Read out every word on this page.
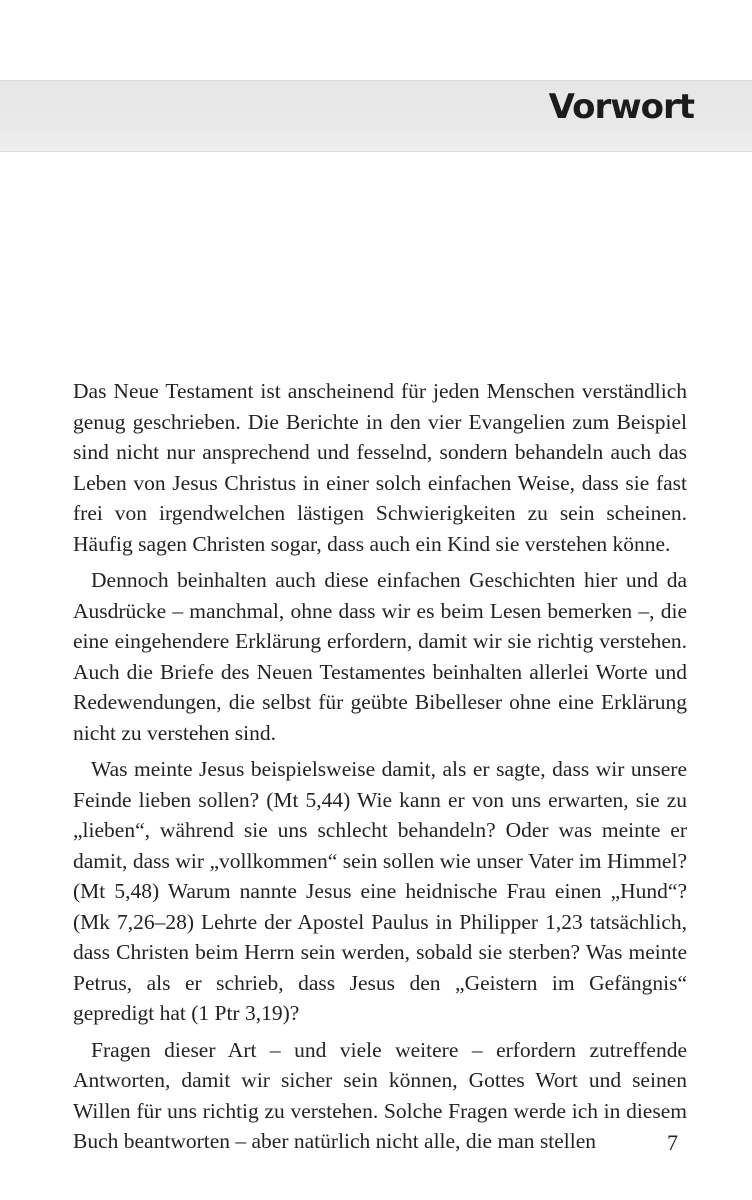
Vorwort

Das Neue Testament ist anscheinend für jeden Menschen verständlich genug geschrieben. Die Berichte in den vier Evangelien zum Beispiel sind nicht nur ansprechend und fesselnd, sondern behandeln auch das Leben von Jesus Christus in einer solch einfachen Weise, dass sie fast frei von irgendwelchen lästigen Schwierigkeiten zu sein scheinen. Häufig sagen Christen sogar, dass auch ein Kind sie verstehen könne.

Dennoch beinhalten auch diese einfachen Geschichten hier und da Ausdrücke – manchmal, ohne dass wir es beim Lesen bemerken –, die eine eingehendere Erklärung erfordern, damit wir sie richtig verstehen. Auch die Briefe des Neuen Testamentes beinhalten allerlei Worte und Redewendungen, die selbst für geübte Bibelleser ohne eine Erklärung nicht zu verstehen sind.

Was meinte Jesus beispielsweise damit, als er sagte, dass wir unsere Feinde lieben sollen? (Mt 5,44) Wie kann er von uns erwarten, sie zu „lieben“, während sie uns schlecht behandeln? Oder was meinte er damit, dass wir „vollkommen“ sein sollen wie unser Vater im Himmel? (Mt 5,48) Warum nannte Jesus eine heidnische Frau einen „Hund“? (Mk 7,26–28) Lehrte der Apostel Paulus in Philipper 1,23 tatsächlich, dass Christen beim Herrn sein werden, sobald sie sterben? Was meinte Petrus, als er schrieb, dass Jesus den „Geistern im Gefängnis“ gepredigt hat (1 Ptr 3,19)?

Fragen dieser Art – und viele weitere – erfordern zutreffende Antworten, damit wir sicher sein können, Gottes Wort und seinen Willen für uns richtig zu verstehen. Solche Fragen werde ich in diesem Buch beantworten – aber natürlich nicht alle, die man stellen	7
